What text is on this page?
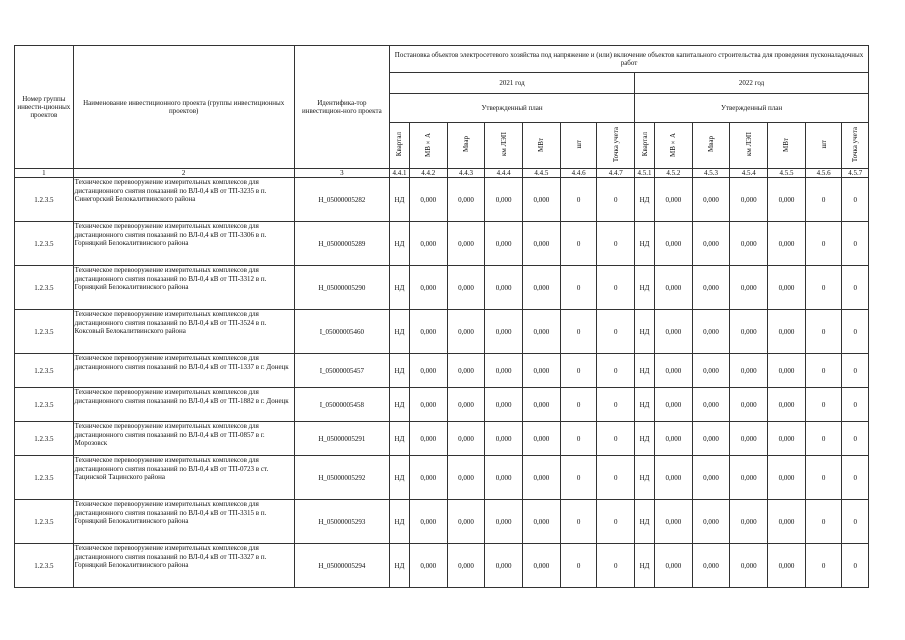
Номер группы инвести-ционных проектов	Наименование инвестиционного проекта (группы инвестиционных проектов)	Идентифика-тор инвестицион-ного проекта	Постановка объектов электросетевого хозяйства под напряжение и (или) включение объектов капитального строительства для проведения пусконаладочных работ													
			2021 год							2022 год						
			Утвержденный план							Утвержденный план						
			Квартал	МВ×А	Мвар	км ЛЭП	МВт	шт	Точка учета	Квартал	МВ×А	Мвар	км ЛЭП	МВт	шт	Точка учета
1	2	3	4.4.1	4.4.2	4.4.3	4.4.4	4.4.5	4.4.6	4.4.7	4.5.1	4.5.2	4.5.3	4.5.4	4.5.5	4.5.6	4.5.7
1.2.3.5	Техническое перевооружение измерительных комплексов для дистанционного снятия показаний по ВЛ-0,4 кВ от ТП-3235 в п. Синегорский Белокалитвинского района	H_05000005282	НД	0,000	0,000	0,000	0,000	0	0	НД	0,000	0,000	0,000	0,000	0	0
1.2.3.5	Техническое перевооружение измерительных комплексов для дистанционного снятия показаний по ВЛ-0,4 кВ от ТП-3306 в п. Горняцкий Белокалитвинского района	H_05000005289	НД	0,000	0,000	0,000	0,000	0	0	НД	0,000	0,000	0,000	0,000	0	0
1.2.3.5	Техническое перевооружение измерительных комплексов для дистанционного снятия показаний по ВЛ-0,4 кВ от ТП-3312 в п. Горняцкий Белокалитвинского района	H_05000005290	НД	0,000	0,000	0,000	0,000	0	0	НД	0,000	0,000	0,000	0,000	0	0
1.2.3.5	Техническое перевооружение измерительных комплексов для дистанционного снятия показаний по ВЛ-0,4 кВ от ТП-3524 в п. Коксовый Белокалитвинского района	I_05000005460	НД	0,000	0,000	0,000	0,000	0	0	НД	0,000	0,000	0,000	0,000	0	0
1.2.3.5	Техническое перевооружение измерительных комплексов для дистанционного снятия показаний по ВЛ-0,4 кВ от ТП-1337 в г. Донецк	I_05000005457	НД	0,000	0,000	0,000	0,000	0	0	НД	0,000	0,000	0,000	0,000	0	0
1.2.3.5	Техническое перевооружение измерительных комплексов для дистанционного снятия показаний по ВЛ-0,4 кВ от ТП-1882 в г. Донецк	I_05000005458	НД	0,000	0,000	0,000	0,000	0	0	НД	0,000	0,000	0,000	0,000	0	0
1.2.3.5	Техническое перевооружение измерительных комплексов для дистанционного снятия показаний по ВЛ-0,4 кВ от ТП-0857 в г. Морозовск	H_05000005291	НД	0,000	0,000	0,000	0,000	0	0	НД	0,000	0,000	0,000	0,000	0	0
1.2.3.5	Техническое перевооружение измерительных комплексов для дистанционного снятия показаний по ВЛ-0,4 кВ от ТП-0723 в ст. Тацинской Тацинского района	H_05000005292	НД	0,000	0,000	0,000	0,000	0	0	НД	0,000	0,000	0,000	0,000	0	0
1.2.3.5	Техническое перевооружение измерительных комплексов для дистанционного снятия показаний по ВЛ-0,4 кВ от ТП-3315 в п. Горняцкий Белокалитвинского района	H_05000005293	НД	0,000	0,000	0,000	0,000	0	0	НД	0,000	0,000	0,000	0,000	0	0
1.2.3.5	Техническое перевооружение измерительных комплексов для дистанционного снятия показаний по ВЛ-0,4 кВ от ТП-3327 в п. Горняцкий Белокалитвинского района	H_05000005294	НД	0,000	0,000	0,000	0,000	0	0	НД	0,000	0,000	0,000	0,000	0	0
